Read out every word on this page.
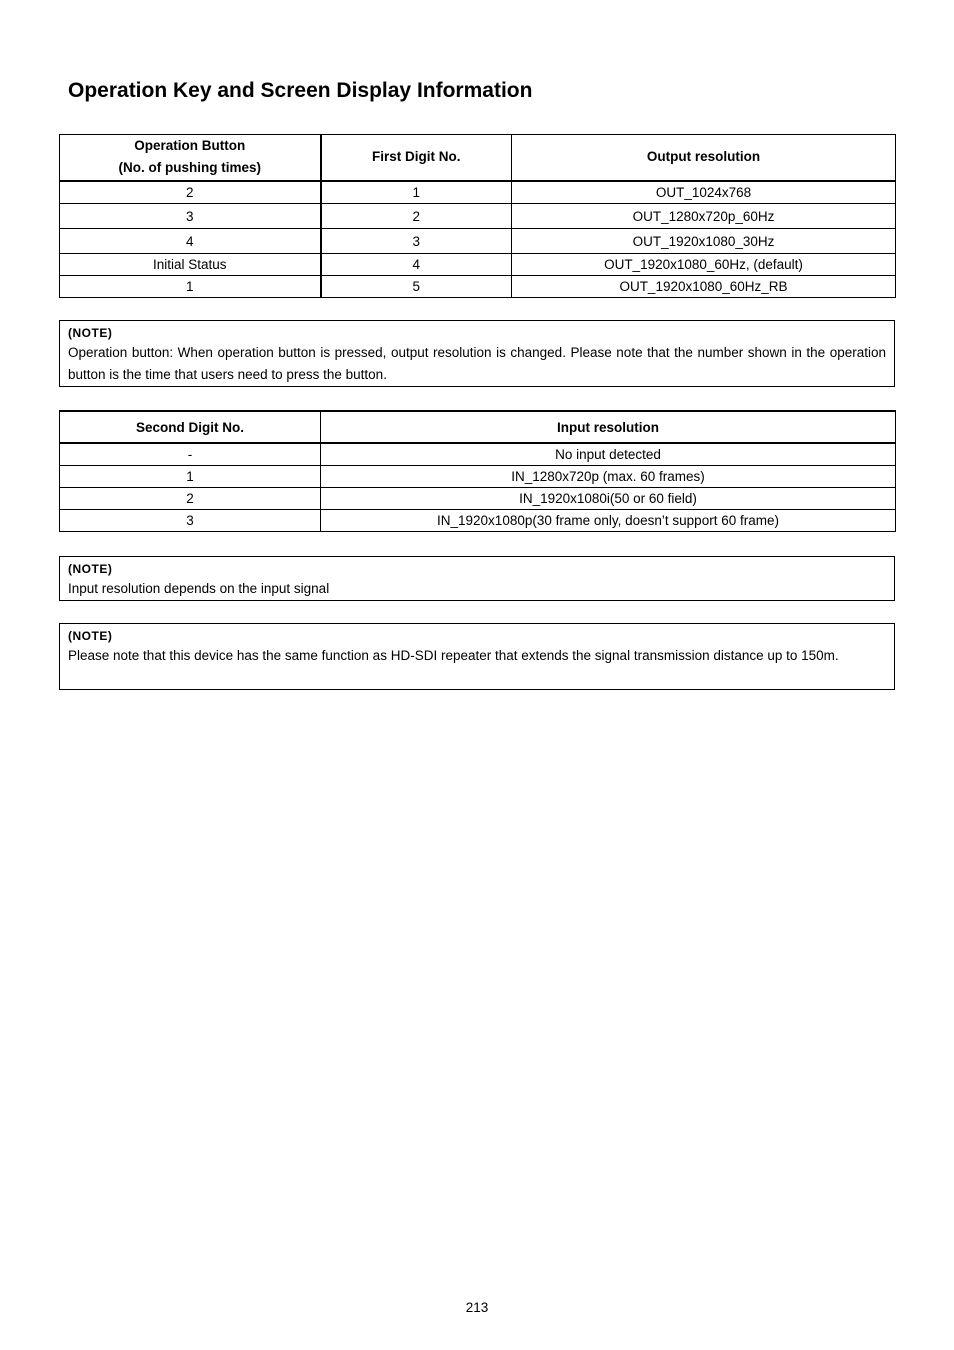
Operation Key and Screen Display Information
Operation Button
(No. of pushing times)	First Digit No.	Output resolution
2	1	OUT_1024x768
3	2	OUT_1280x720p_60Hz
4	3	OUT_1920x1080_30Hz
Initial Status	4	OUT_1920x1080_60Hz, (default)
1	5	OUT_1920x1080_60Hz_RB
(NOTE)

Operation button: When operation button is pressed, output resolution is changed. Please note that the number shown in the operation button is the time that users need to press the button.

Second Digit No.	Input resolution
-	No input detected
1	IN_1280x720p (max. 60 frames)
2	IN_1920x1080i(50 or 60 field)
3	IN_1920x1080p(30 frame only, doesn’t support 60 frame)
(NOTE)

Input resolution depends on the input signal

(NOTE)

Please note that this device has the same function as HD-SDI repeater that extends the signal transmission distance up to 150m.

213
